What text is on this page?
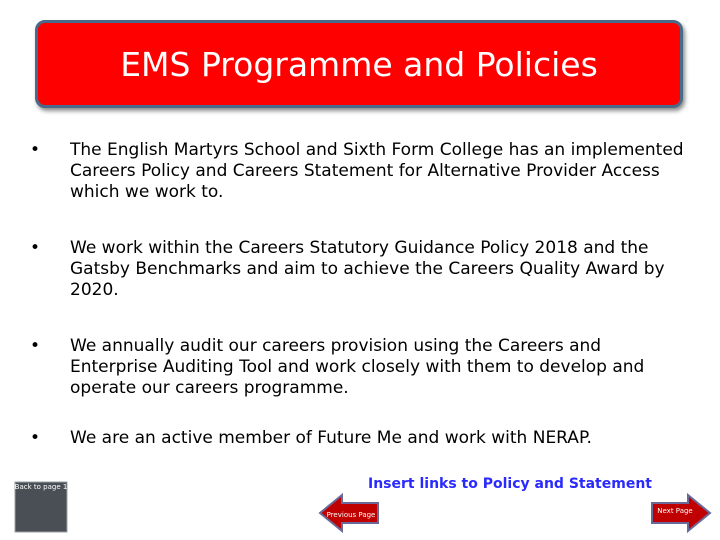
EMS Programme and Policies
•	The English Martyrs School and Sixth Form College has an implemented Careers Policy and Careers Statement for Alternative Provider Access which we work to.
•	We work within the Careers Statutory Guidance Policy 2018 and the Gatsby Benchmarks and aim to achieve the Careers Quality Award by 2020.
•	We annually audit our careers provision using the Careers and Enterprise Auditing Tool and work closely with them to develop and operate our careers programme.
•	We are an active member of Future Me and work with NERAP.
Insert links to Policy and Statement
Back to page 1
Previous Page	Next Page
